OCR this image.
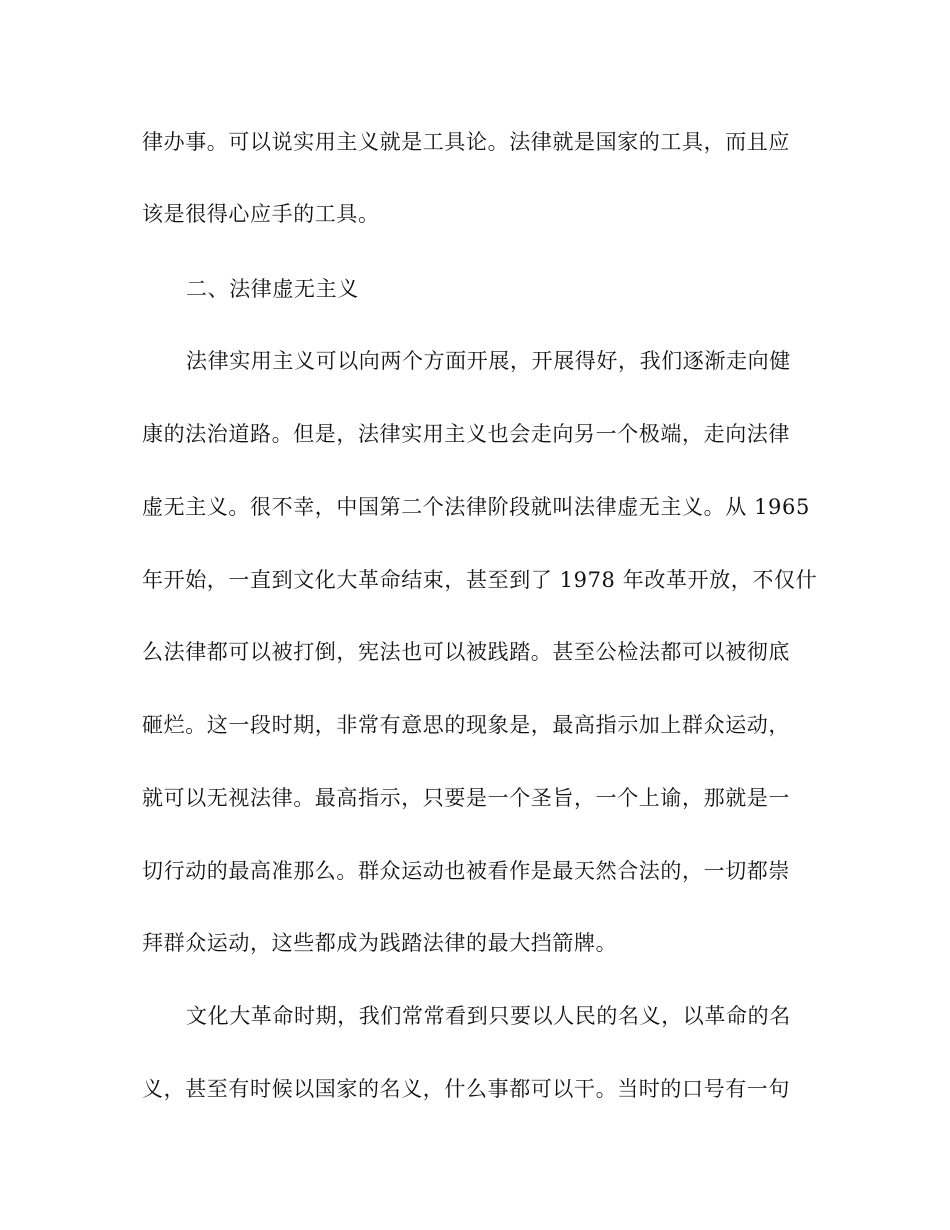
律办事。可以说实用主义就是工具论。法律就是国家的工具，而且应
该是很得心应手的工具。
二、法律虚无主义
法律实用主义可以向两个方面开展，开展得好，我们逐渐走向健
康的法治道路。但是，法律实用主义也会走向另一个极端，走向法律
虚无主义。很不幸，中国第二个法律阶段就叫法律虚无主义。从 1965
年开始，一直到文化大革命结束，甚至到了 1978 年改革开放，不仅什
么法律都可以被打倒，宪法也可以被践踏。甚至公检法都可以被彻底
砸烂。这一段时期，非常有意思的现象是，最高指示加上群众运动，
就可以无视法律。最高指示，只要是一个圣旨，一个上谕，那就是一
切行动的最高准那么。群众运动也被看作是最天然合法的，一切都崇
拜群众运动，这些都成为践踏法律的最大挡箭牌。
文化大革命时期，我们常常看到只要以人民的名义，以革命的名
义，甚至有时候以国家的名义，什么事都可以干。当时的口号有一句
